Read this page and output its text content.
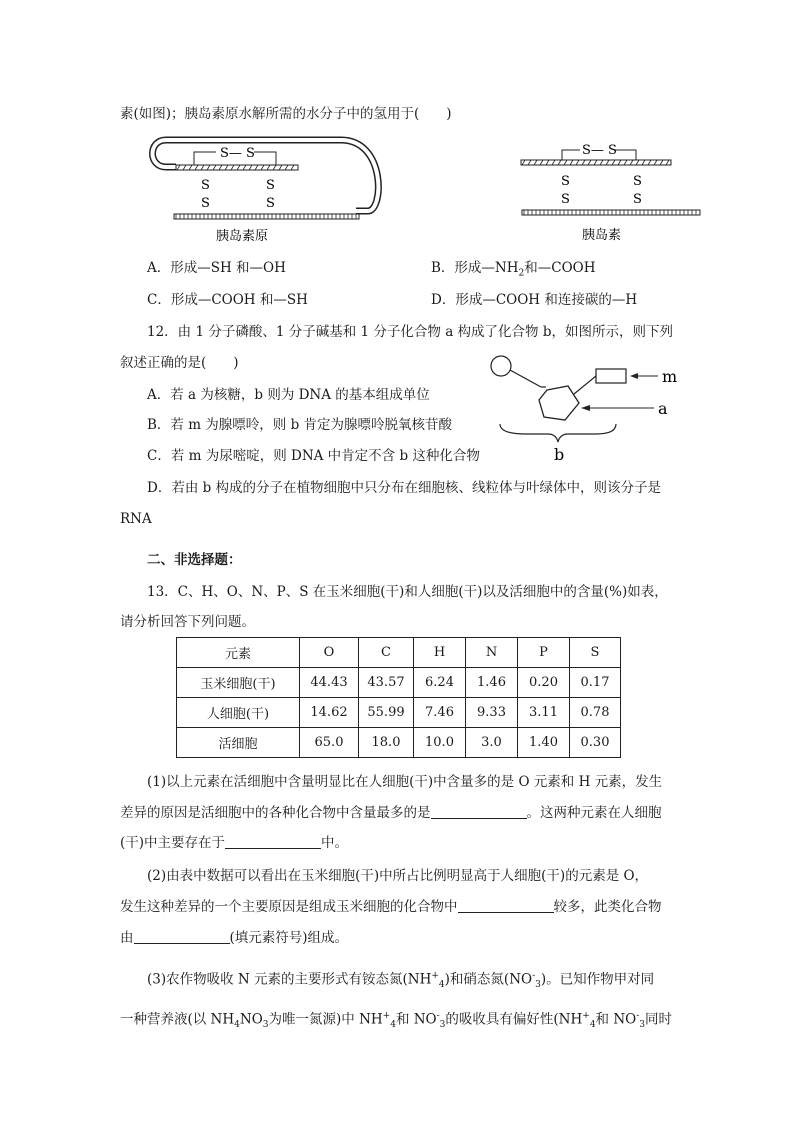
素(如图)；胰岛素原水解所需的水分子中的氢用于(　　)
S— S
S
S
S
S
胰岛素原
S— S
S
S
S
S
胰岛素
A．形成—SH 和—OH	B．形成$—NH_2$和—COOH
C．形成—COOH 和—SH	D．形成—COOH 和连接碳的—H
12．由 1 分子磷酸、1 分子碱基和 1 分子化合物 a 构成了化合物 b，如图所示，则下列
叙述正确的是(　　)
A．若 a 为核糖，b 则为 DNA 的基本组成单位
B．若 m 为腺嘌呤，则 b 肯定为腺嘌呤脱氧核苷酸
C．若 m 为尿嘧啶，则 DNA 中肯定不含 b 这种化合物
D．若由 b 构成的分子在植物细胞中只分布在细胞核、线粒体与叶绿体中，则该分子是
RNA
m
a
b
二、非选择题：
13．C、H、O、N、P、S 在玉米细胞(干)和人细胞(干)以及活细胞中的含量(%)如表，
请分析回答下列问题。
元素	O	C	H	N	P	S
玉米细胞(干)	44.43	43.57	6.24	1.46	0.20	0.17
人细胞(干)	14.62	55.99	7.46	9.33	3.11	0.78
活细胞	65.0	18.0	10.0	3.0	1.40	0.30
(1)以上元素在活细胞中含量明显比在人细胞(干)中含量多的是 O 元素和 H 元素，发生
差异的原因是活细胞中的各种化合物中含量最多的是	。这两种元素在人细胞
(干)中主要存在于	中。
(2)由表中数据可以看出在玉米细胞(干)中所占比例明显高于人细胞(干)的元素是 O，
发生这种差异的一个主要原因是组成玉米细胞的化合物中	较多，此类化合物
由	(填元素符号)组成。
(3)农作物吸收 N 元素的主要形式有铵态氮$(NH^+_4)$和硝态氮$(NO^-_3)$。已知作物甲对同
一种营养液(以 $NH_4NO_3$为唯一氮源)中 $NH^+_4$和 $NO^-_3$的吸收具有偏好性($NH^+_4$和 $NO^-_3$同时
